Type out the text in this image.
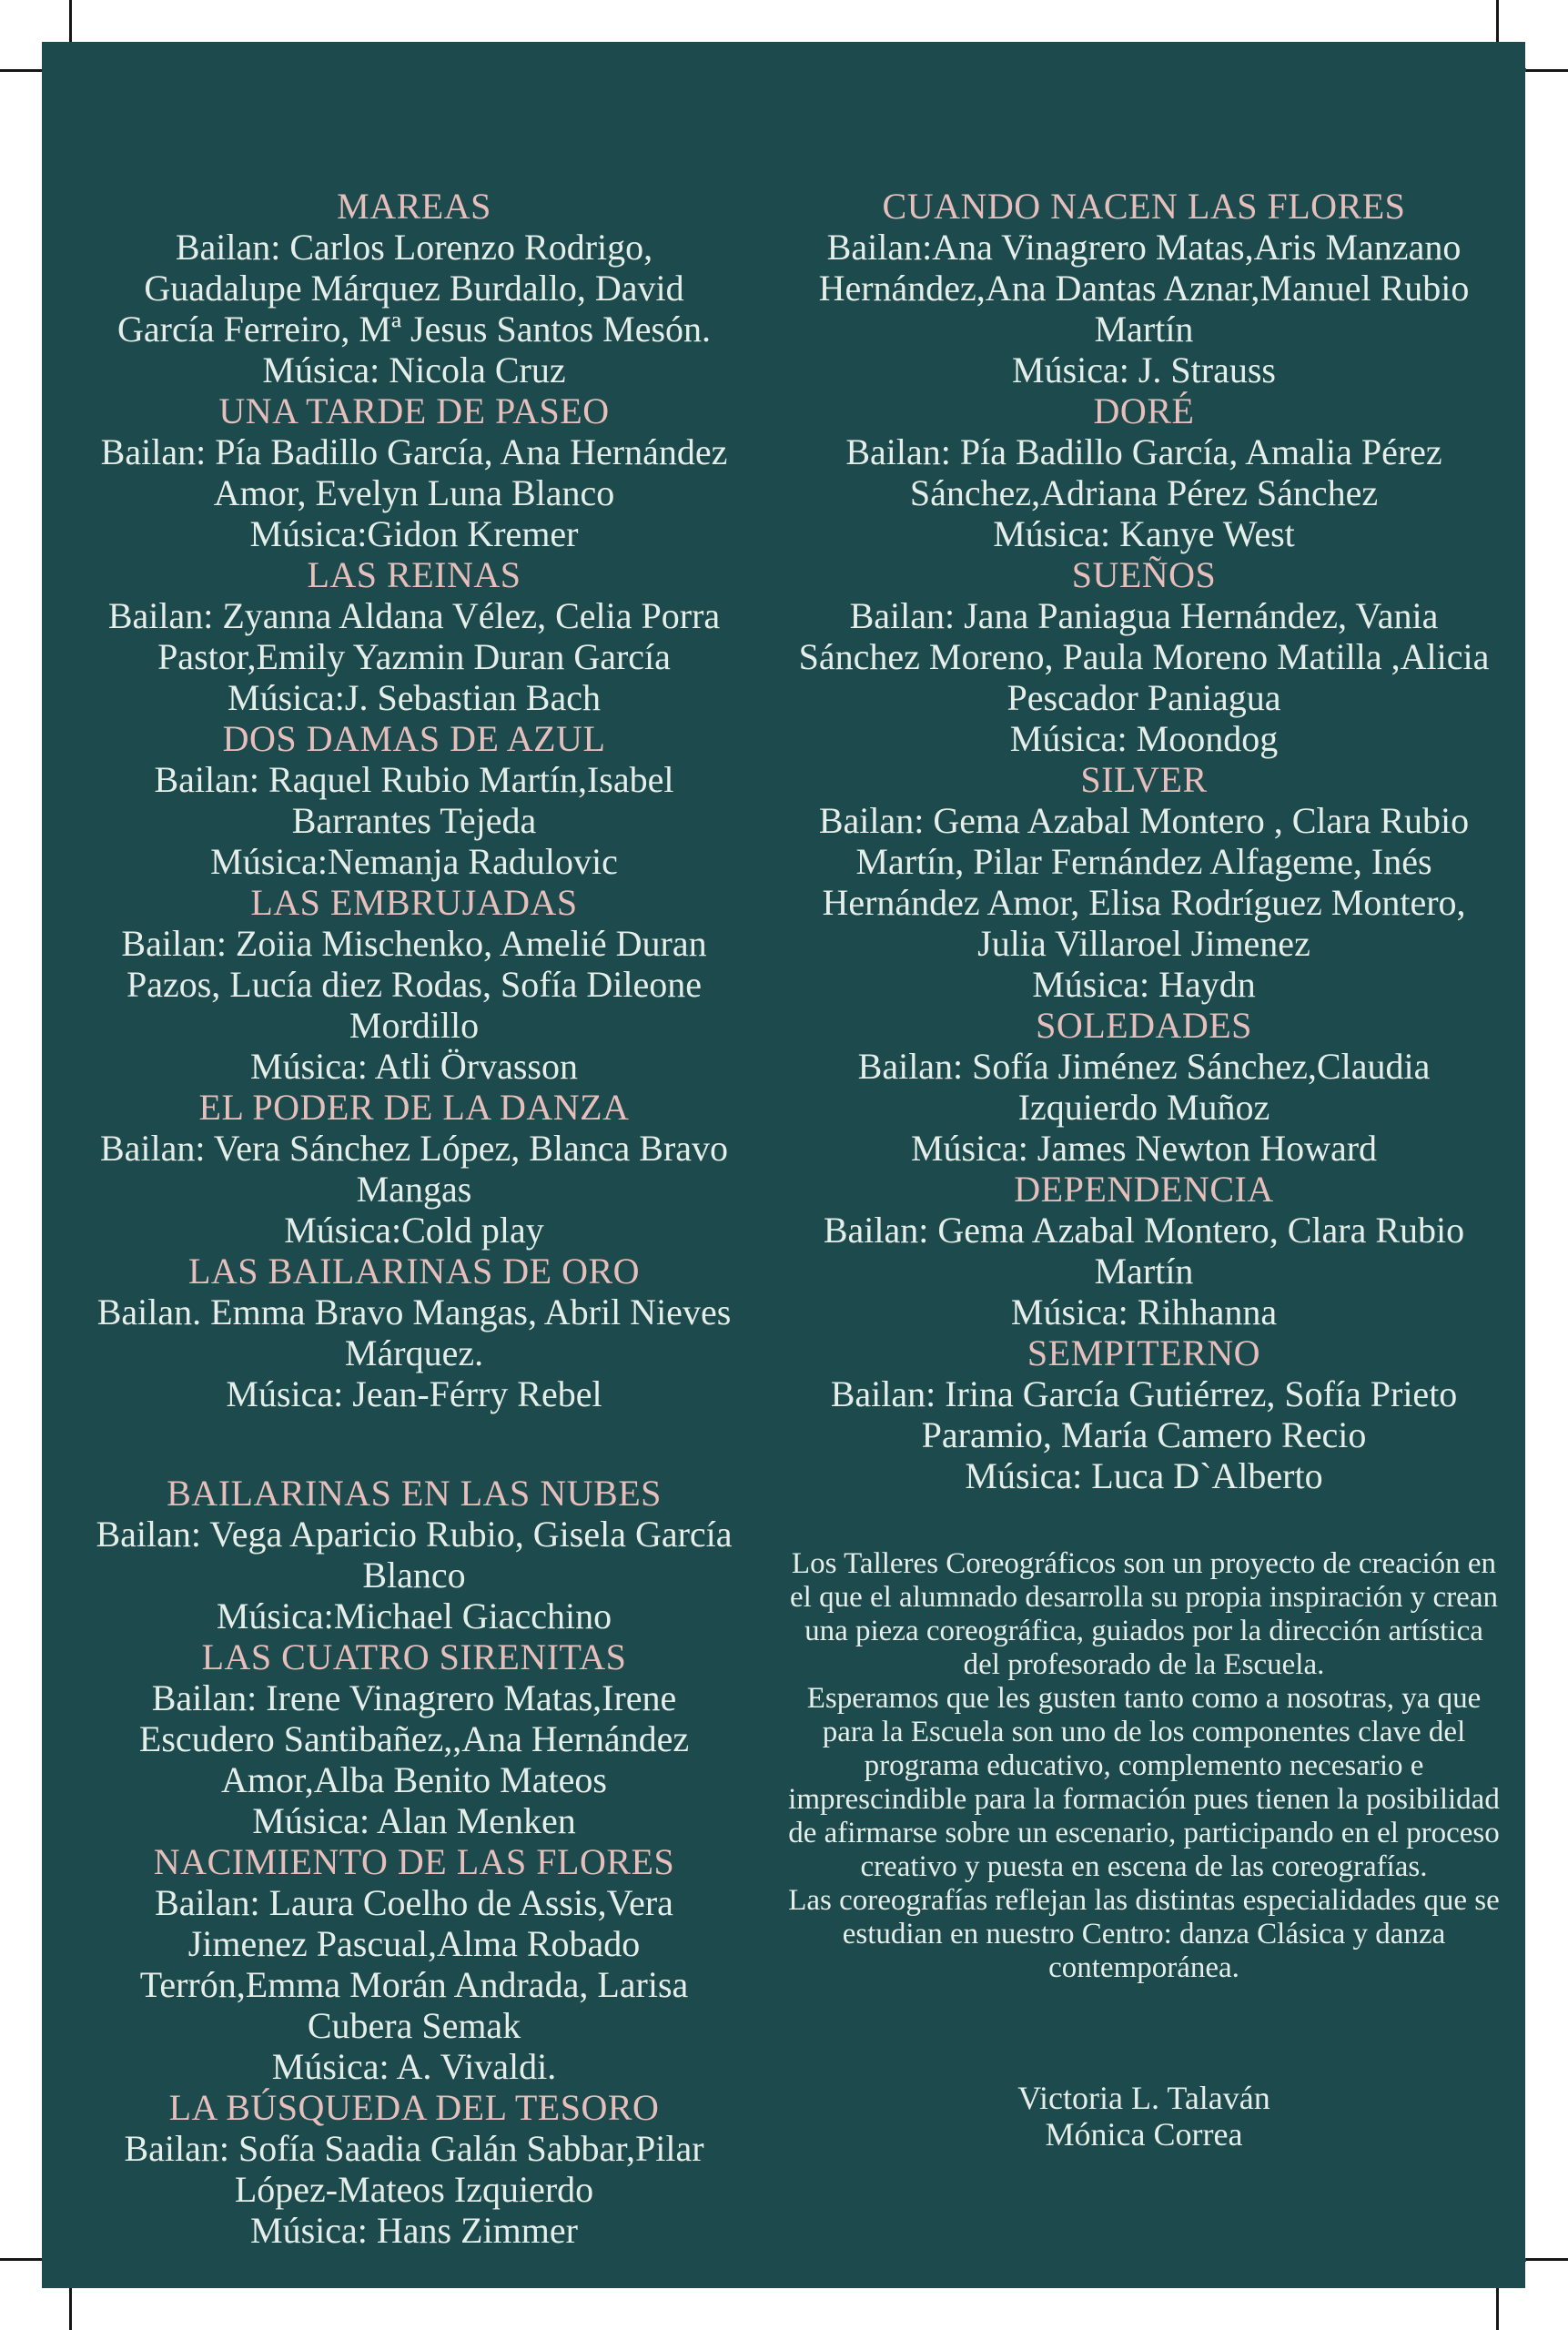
MAREAS

Bailan: Carlos Lorenzo Rodrigo, Guadalupe Márquez Burdallo, David García Ferreiro, Mª Jesus Santos Mesón.

Música: Nicola Cruz

UNA TARDE DE PASEO

Bailan: Pía Badillo García, Ana Hernández Amor, Evelyn Luna Blanco

Música:Gidon Kremer

LAS REINAS

Bailan: Zyanna Aldana Vélez, Celia Porra Pastor,Emily Yazmin Duran García

Música:J. Sebastian Bach

DOS DAMAS DE AZUL

Bailan: Raquel Rubio Martín,Isabel Barrantes Tejeda

Música:Nemanja Radulovic

LAS EMBRUJADAS

Bailan: Zoiia Mischenko, Amelié Duran Pazos, Lucía diez Rodas, Sofía Dileone Mordillo

Música: Atli Örvasson

EL PODER DE LA DANZA

Bailan: Vera Sánchez López, Blanca Bravo Mangas

Música:Cold play

LAS BAILARINAS DE ORO

Bailan. Emma Bravo Mangas, Abril Nieves Márquez.

Música: Jean-Férry Rebel

BAILARINAS EN LAS NUBES

Bailan: Vega Aparicio Rubio, Gisela García Blanco

Música:Michael Giacchino

LAS CUATRO SIRENITAS

Bailan: Irene Vinagrero Matas,Irene Escudero Santibañez,,Ana Hernández Amor,Alba Benito Mateos

Música: Alan Menken

NACIMIENTO DE LAS FLORES

Bailan: Laura Coelho de Assis,Vera Jimenez Pascual,Alma Robado Terrón,Emma Morán Andrada, Larisa Cubera Semak

Música: A. Vivaldi.

LA BÚSQUEDA DEL TESORO

Bailan: Sofía Saadia Galán Sabbar,Pilar López-Mateos Izquierdo

Música: Hans Zimmer

CUANDO NACEN LAS FLORES

Bailan:Ana Vinagrero Matas,Aris Manzano Hernández,Ana Dantas Aznar,Manuel Rubio Martín

Música: J. Strauss

DORÉ

Bailan: Pía Badillo García, Amalia Pérez Sánchez,Adriana Pérez Sánchez

Música: Kanye West

SUEÑOS

Bailan: Jana Paniagua Hernández, Vania Sánchez Moreno, Paula Moreno Matilla ,Alicia Pescador Paniagua

Música: Moondog

SILVER

Bailan: Gema Azabal Montero , Clara Rubio Martín, Pilar Fernández Alfageme, Inés Hernández Amor, Elisa Rodríguez Montero, Julia Villaroel Jimenez

Música: Haydn

SOLEDADES

Bailan: Sofía Jiménez Sánchez,Claudia Izquierdo Muñoz

Música: James Newton Howard

DEPENDENCIA

Bailan: Gema Azabal Montero, Clara Rubio Martín

Música: Rihhanna

SEMPITERNO

Bailan: Irina García Gutiérrez, Sofía Prieto Paramio, María Camero Recio

Música: Luca D`Alberto

Los Talleres Coreográficos son un proyecto de creación en el que el alumnado desarrolla su propia inspiración y crean una pieza coreográfica, guiados por la dirección artística del profesorado de la Escuela.

Esperamos que les gusten tanto como a nosotras, ya que para la Escuela son uno de los componentes clave del programa educativo, complemento necesario e imprescindible para la formación pues tienen la posibilidad de afirmarse sobre un escenario, participando en el proceso creativo y puesta en escena de las coreografías.

Las coreografías reflejan las distintas especialidades que se estudian en nuestro Centro: danza Clásica y danza contemporánea.

Victoria L. Talaván

Mónica Correa
